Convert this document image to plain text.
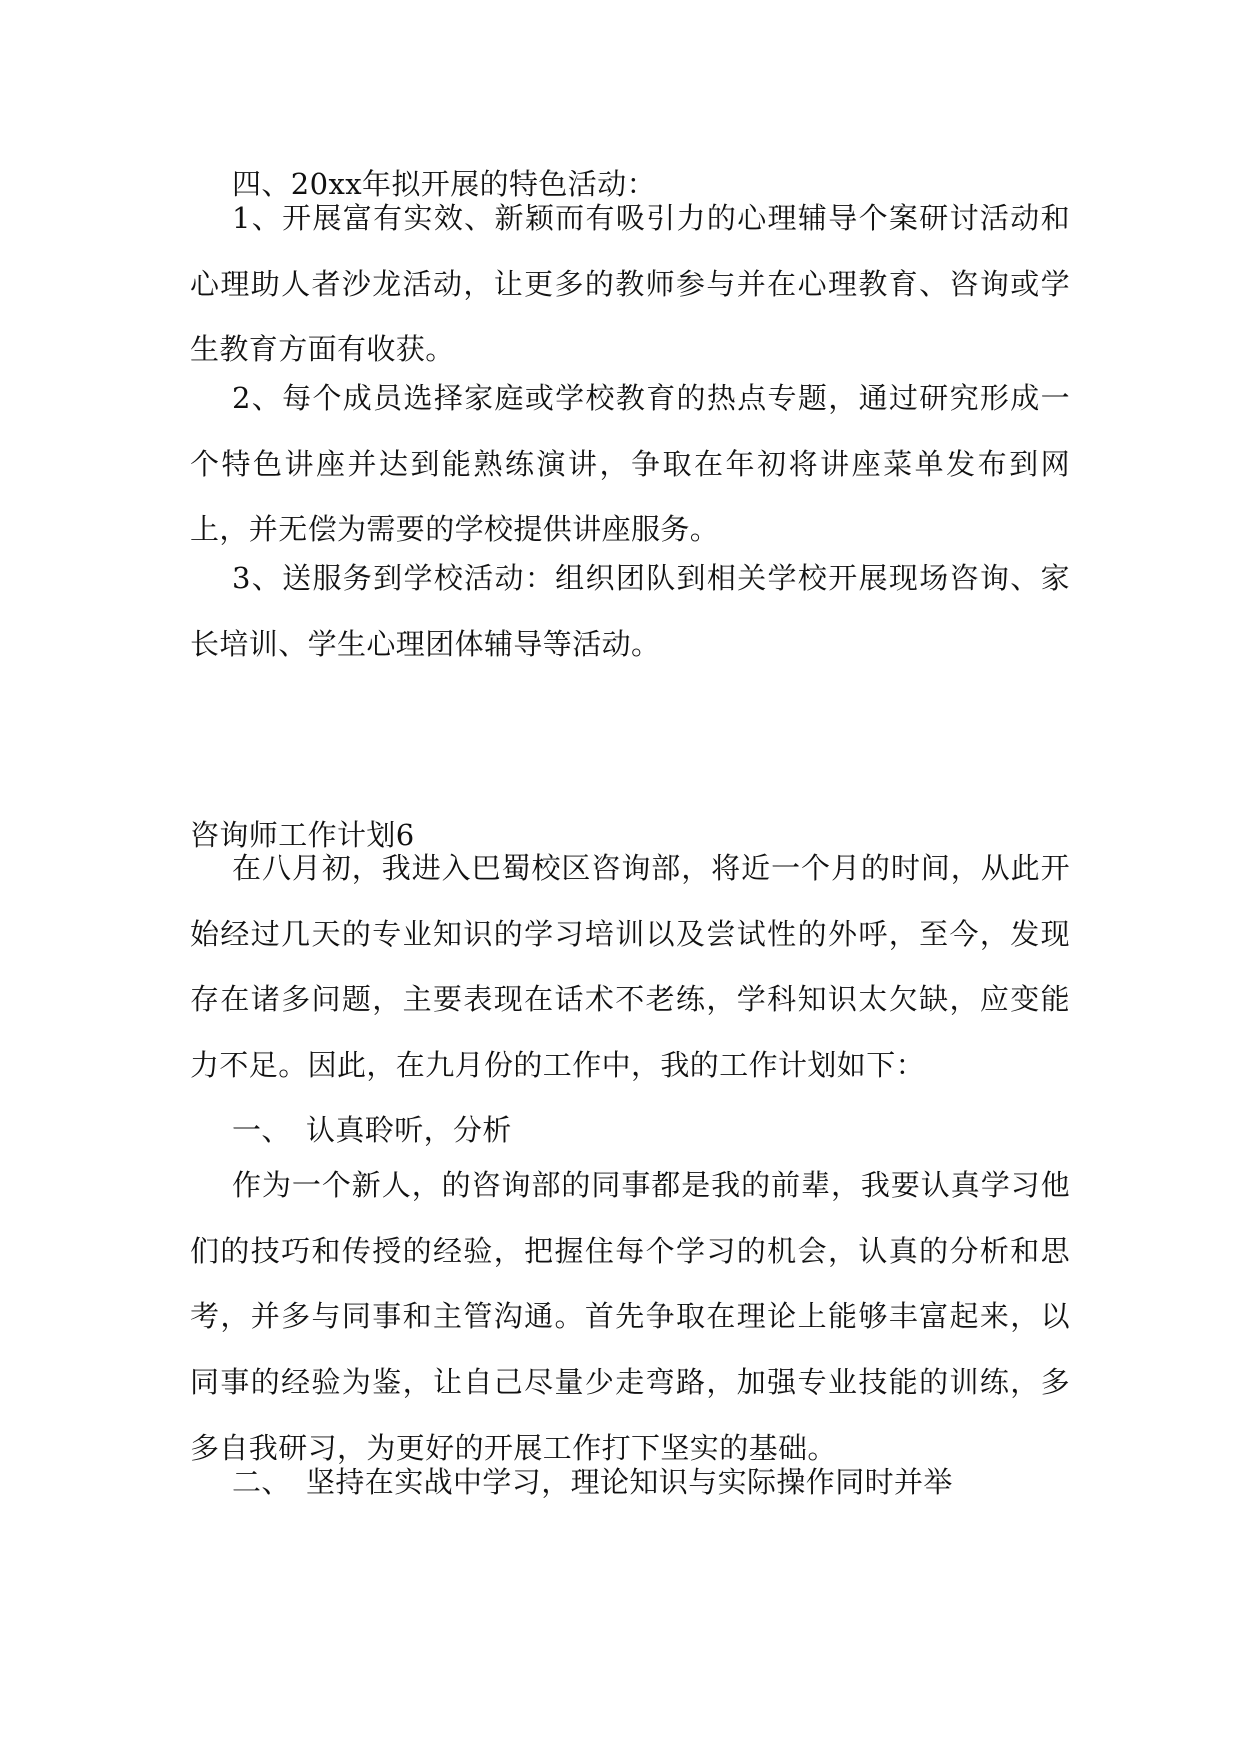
四、20xx年拟开展的特色活动：

1、开展富有实效、新颖而有吸引力的心理辅导个案研讨活动和心理助人者沙龙活动，让更多的教师参与并在心理教育、咨询或学生教育方面有收获。

2、每个成员选择家庭或学校教育的热点专题，通过研究形成一个特色讲座并达到能熟练演讲，争取在年初将讲座菜单发布到网上，并无偿为需要的学校提供讲座服务。

3、送服务到学校活动：组织团队到相关学校开展现场咨询、家长培训、学生心理团体辅导等活动。

咨询师工作计划6

在八月初，我进入巴蜀校区咨询部，将近一个月的时间，从此开始经过几天的专业知识的学习培训以及尝试性的外呼，至今，发现存在诸多问题，主要表现在话术不老练，学科知识太欠缺，应变能力不足。因此，在九月份的工作中，我的工作计划如下：

一、 认真聆听，分析

作为一个新人，的咨询部的同事都是我的前辈，我要认真学习他们的技巧和传授的经验，把握住每个学习的机会，认真的分析和思考，并多与同事和主管沟通。首先争取在理论上能够丰富起来，以同事的经验为鉴，让自己尽量少走弯路，加强专业技能的训练，多多自我研习，为更好的开展工作打下坚实的基础。

二、 坚持在实战中学习，理论知识与实际操作同时并举
